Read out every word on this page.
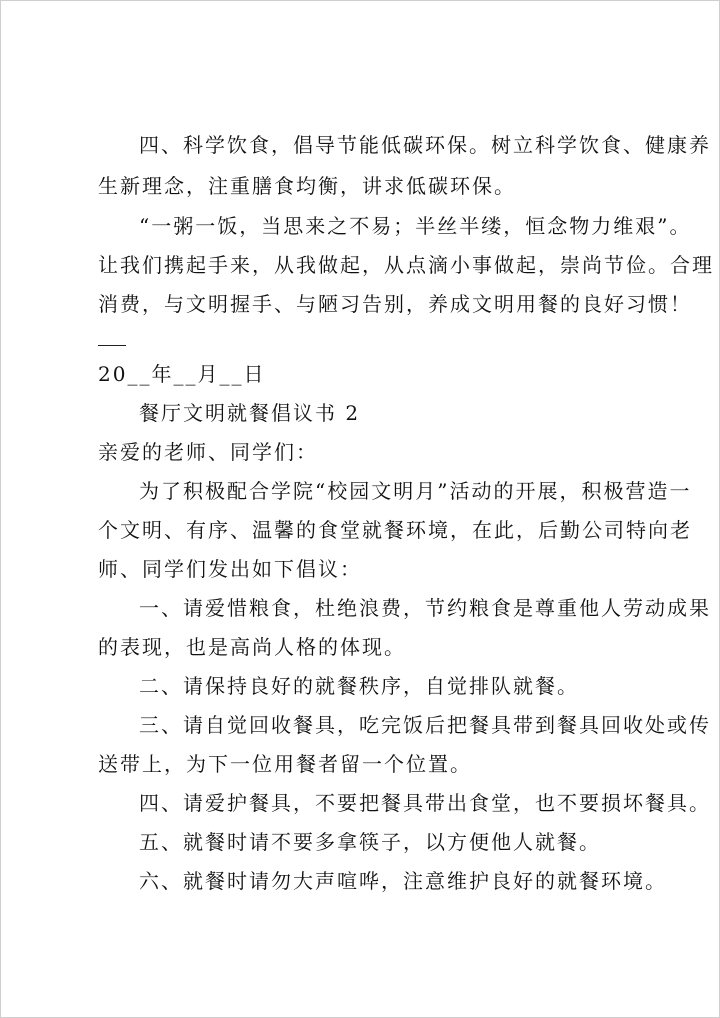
四、科学饮食，倡导节能低碳环保。树立科学饮食、健康养
生新理念，注重膳食均衡，讲求低碳环保。
“一粥一饭，当思来之不易；半丝半缕，恒念物力维艰”。
让我们携起手来，从我做起，从点滴小事做起，崇尚节俭。合理
消费，与文明握手、与陋习告别，养成文明用餐的良好习惯！
20__年__月__日
餐厅文明就餐倡议书 2
亲爱的老师、同学们：
为了积极配合学院“校园文明月”活动的开展，积极营造一
个文明、有序、温馨的食堂就餐环境，在此，后勤公司特向老
师、同学们发出如下倡议：
一、请爱惜粮食，杜绝浪费，节约粮食是尊重他人劳动成果
的表现，也是高尚人格的体现。
二、请保持良好的就餐秩序，自觉排队就餐。
三、请自觉回收餐具，吃完饭后把餐具带到餐具回收处或传
送带上，为下一位用餐者留一个位置。
四、请爱护餐具，不要把餐具带出食堂，也不要损坏餐具。
五、就餐时请不要多拿筷子，以方便他人就餐。
六、就餐时请勿大声喧哗，注意维护良好的就餐环境。
